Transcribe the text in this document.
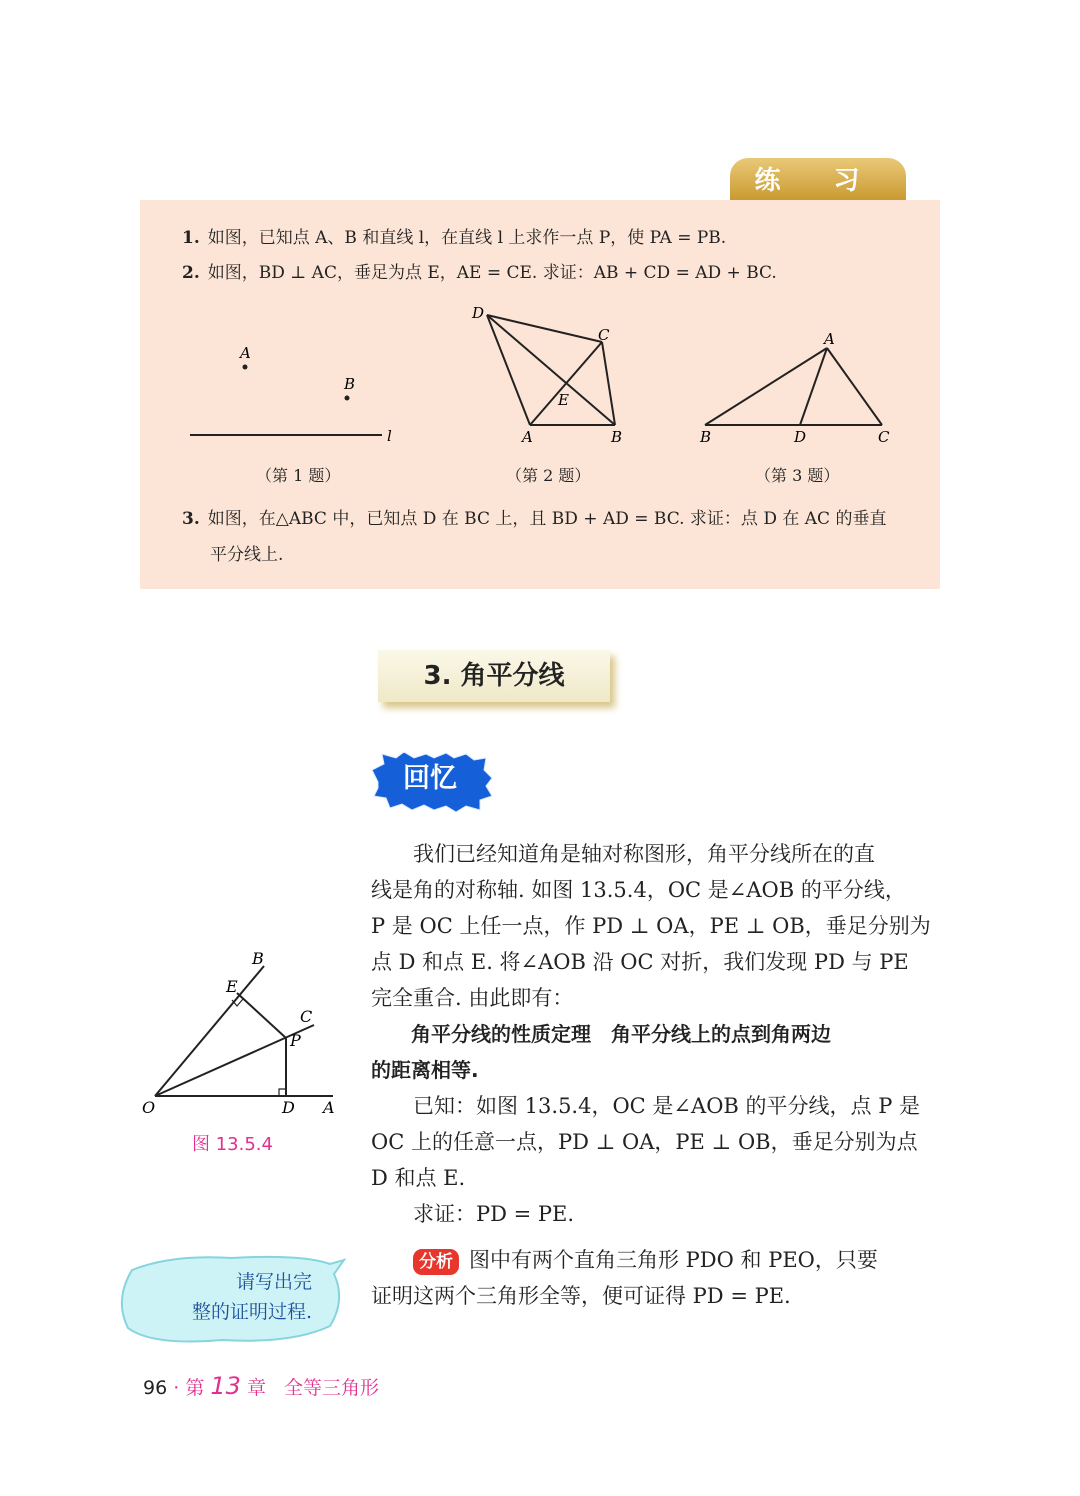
练 习
1. 如图，已知点 A、B 和直线 l，在直线 l 上求作一点 P，使 PA = PB.
2. 如图，BD ⊥ AC，垂足为点 E，AE = CE. 求证：AB + CD = AD + BC.
A
B
l
D
C
E
A	B
A
B	D	C
（第 1 题）	（第 2 题）	（第 3 题）
3. 如图，在△ABC 中，已知点 D 在 BC 上，且 BD + AD = BC. 求证：点 D 在 AC 的垂直
平分线上.
3. 角平分线
回忆
　　我们已经知道角是轴对称图形，角平分线所在的直
线是角的对称轴. 如图 13.5.4，OC 是∠AOB 的平分线，
P 是 OC 上任一点，作 PD ⊥ OA，PE ⊥ OB，垂足分别为
点 D 和点 E. 将∠AOB 沿 OC 对折，我们发现 PD 与 PE
完全重合. 由此即有：
　　角平分线的性质定理　角平分线上的点到角两边
的距离相等.
　　已知：如图 13.5.4，OC 是∠AOB 的平分线，点 P 是
OC 上的任意一点，PD ⊥ OA，PE ⊥ OB，垂足分别为点
D 和点 E.
　　求证：PD = PE.
分析 图中有两个直角三角形 PDO 和 PEO，只要
证明这两个三角形全等，便可证得 PD = PE.
O	A
D
B
E
C
P
图 13.5.4
请写出完
整的证明过程.
96 · 第 13 章 全等三角形
